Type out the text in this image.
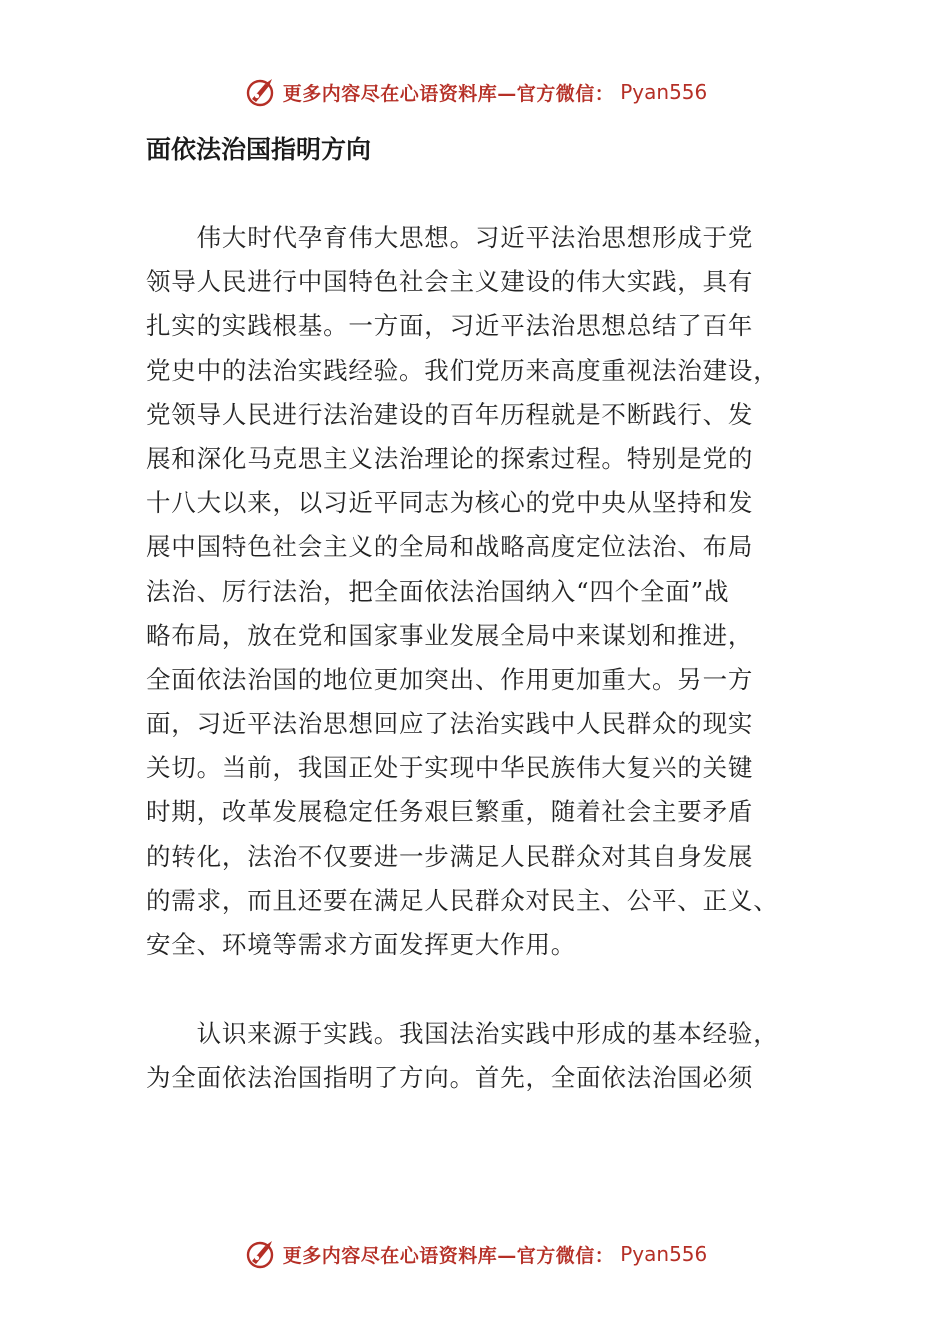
更多内容尽在心语资料库—官方微信： Pyan556
面依法治国指明方向
　　伟大时代孕育伟大思想。习近平法治思想形成于党
领导人民进行中国特色社会主义建设的伟大实践，具有
扎实的实践根基。一方面，习近平法治思想总结了百年
党史中的法治实践经验。我们党历来高度重视法治建设，
党领导人民进行法治建设的百年历程就是不断践行、发
展和深化马克思主义法治理论的探索过程。特别是党的
十八大以来，以习近平同志为核心的党中央从坚持和发
展中国特色社会主义的全局和战略高度定位法治、布局
法治、厉行法治，把全面依法治国纳入“四个全面”战
略布局，放在党和国家事业发展全局中来谋划和推进，
全面依法治国的地位更加突出、作用更加重大。另一方
面，习近平法治思想回应了法治实践中人民群众的现实
关切。当前，我国正处于实现中华民族伟大复兴的关键
时期，改革发展稳定任务艰巨繁重，随着社会主要矛盾
的转化，法治不仅要进一步满足人民群众对其自身发展
的需求，而且还要在满足人民群众对民主、公平、正义、
安全、环境等需求方面发挥更大作用。
　　认识来源于实践。我国法治实践中形成的基本经验，
为全面依法治国指明了方向。首先，全面依法治国必须
更多内容尽在心语资料库—官方微信： Pyan556
